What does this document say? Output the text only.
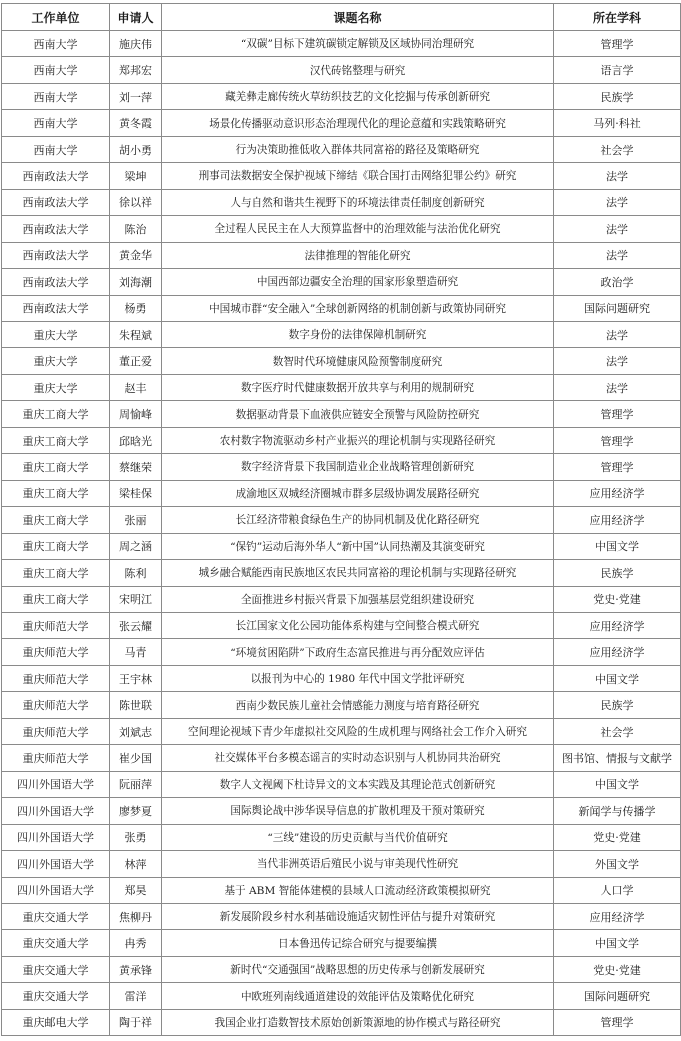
工作单位	申请人	课题名称	所在学科
西南大学	施庆伟	“双碳”目标下建筑碳锁定解锁及区域协同治理研究	管理学
西南大学	郑邦宏	汉代砖铭整理与研究	语言学
西南大学	刘一萍	藏羌彝走廊传统火草纺织技艺的文化挖掘与传承创新研究	民族学
西南大学	黄冬霞	场景化传播驱动意识形态治理现代化的理论意蕴和实践策略研究	马列·科社
西南大学	胡小勇	行为决策助推低收入群体共同富裕的路径及策略研究	社会学
西南政法大学	梁坤	刑事司法数据安全保护视域下缔结《联合国打击网络犯罪公约》研究	法学
西南政法大学	徐以祥	人与自然和谐共生视野下的环境法律责任制度创新研究	法学
西南政法大学	陈治	全过程人民民主在人大预算监督中的治理效能与法治优化研究	法学
西南政法大学	黄金华	法律推理的智能化研究	法学
西南政法大学	刘海潮	中国西部边疆安全治理的国家形象塑造研究	政治学
西南政法大学	杨勇	中国城市群“安全融入”全球创新网络的机制创新与政策协同研究	国际问题研究
重庆大学	朱程斌	数字身份的法律保障机制研究	法学
重庆大学	董正爱	数智时代环境健康风险预警制度研究	法学
重庆大学	赵丰	数字医疗时代健康数据开放共享与利用的规制研究	法学
重庆工商大学	周愉峰	数据驱动背景下血液供应链安全预警与风险防控研究	管理学
重庆工商大学	邱晗光	农村数字物流驱动乡村产业振兴的理论机制与实现路径研究	管理学
重庆工商大学	蔡继荣	数字经济背景下我国制造业企业战略管理创新研究	管理学
重庆工商大学	梁桂保	成渝地区双城经济圈城市群多层级协调发展路径研究	应用经济学
重庆工商大学	张丽	长江经济带粮食绿色生产的协同机制及优化路径研究	应用经济学
重庆工商大学	周之涵	“保钓”运动后海外华人“新中国”认同热潮及其演变研究	中国文学
重庆工商大学	陈利	城乡融合赋能西南民族地区农民共同富裕的理论机制与实现路径研究	民族学
重庆工商大学	宋明江	全面推进乡村振兴背景下加强基层党组织建设研究	党史·党建
重庆师范大学	张云耀	长江国家文化公园功能体系构建与空间整合模式研究	应用经济学
重庆师范大学	马青	“环境贫困陷阱”下政府生态富民推进与再分配效应评估	应用经济学
重庆师范大学	王宇林	以报刊为中心的 1980 年代中国文学批评研究	中国文学
重庆师范大学	陈世联	西南少数民族儿童社会情感能力测度与培育路径研究	民族学
重庆师范大学	刘斌志	空间理论视域下青少年虚拟社交风险的生成机理与网络社会工作介入研究	社会学
重庆师范大学	崔少国	社交媒体平台多模态谣言的实时动态识别与人机协同共治研究	图书馆、情报与文献学
四川外国语大学	阮丽萍	数字人文视阈下杜诗异文的文本实践及其理论范式创新研究	中国文学
四川外国语大学	廖梦夏	国际舆论战中涉华误导信息的扩散机理及干预对策研究	新闻学与传播学
四川外国语大学	张勇	“三线”建设的历史贡献与当代价值研究	党史·党建
四川外国语大学	林萍	当代非洲英语后殖民小说与审美现代性研究	外国文学
四川外国语大学	郑昊	基于 ABM 智能体建模的县域人口流动经济政策模拟研究	人口学
重庆交通大学	焦柳丹	新发展阶段乡村水利基础设施适灾韧性评估与提升对策研究	应用经济学
重庆交通大学	冉秀	日本鲁迅传记综合研究与提要编撰	中国文学
重庆交通大学	黄承锋	新时代“交通强国”战略思想的历史传承与创新发展研究	党史·党建
重庆交通大学	雷洋	中欧班列南线通道建设的效能评估及策略优化研究	国际问题研究
重庆邮电大学	陶于祥	我国企业打造数智技术原始创新策源地的协作模式与路径研究	管理学
